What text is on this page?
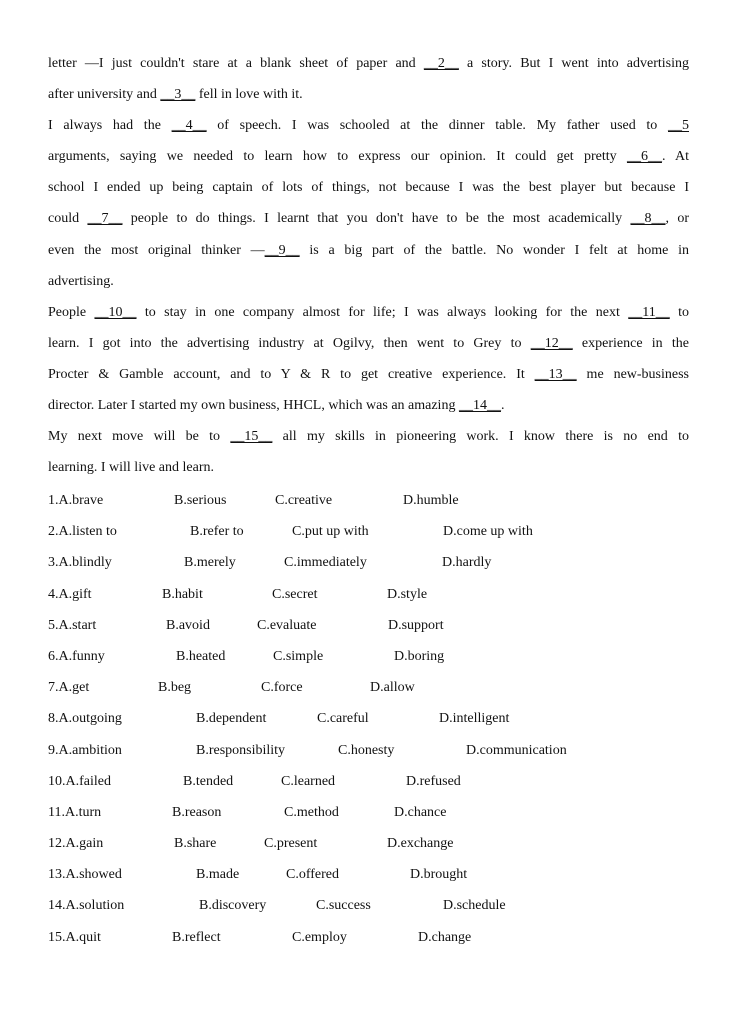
letter —I just couldn't stare at a blank sheet of paper and __2__ a story. But I went into advertising
after university and __3__ fell in love with it.
I always had the __4__ of speech. I was schooled at the dinner table. My father used to __5
arguments, saying we needed to learn how to express our opinion. It could get pretty __6__. At
school I ended up being captain of lots of things, not because I was the best player but because I
could __7__ people to do things. I learnt that you don't have to be the most academically __8__, or
even the most original thinker —__9__ is a big part of the battle. No wonder I felt at home in
advertising.
People __10__ to stay in one company almost for life; I was always looking for the next __11__ to
learn. I got into the advertising industry at Ogilvy, then went to Grey to __12__ experience in the
Procter & Gamble account, and to Y & R to get creative experience. It __13__ me new-business
director. Later I started my own business, HHCL, which was an amazing __14__.
My next move will be to __15__ all my skills in pioneering work. I know there is no end to
learning. I will live and learn.
1.A.brave	B.serious	C.creative	D.humble
2.A.listen to	B.refer to	C.put up with	D.come up with
3.A.blindly	B.merely	C.immediately	D.hardly
4.A.gift	B.habit	C.secret	D.style
5.A.start	B.avoid	C.evaluate	D.support
6.A.funny	B.heated	C.simple	D.boring
7.A.get	B.beg	C.force	D.allow
8.A.outgoing	B.dependent	C.careful	D.intelligent
9.A.ambition	B.responsibility	C.honesty	D.communication
10.A.failed	B.tended	C.learned	D.refused
11.A.turn	B.reason	C.method	D.chance
12.A.gain	B.share	C.present	D.exchange
13.A.showed	B.made	C.offered	D.brought
14.A.solution	B.discovery	C.success	D.schedule
15.A.quit	B.reflect	C.employ	D.change
